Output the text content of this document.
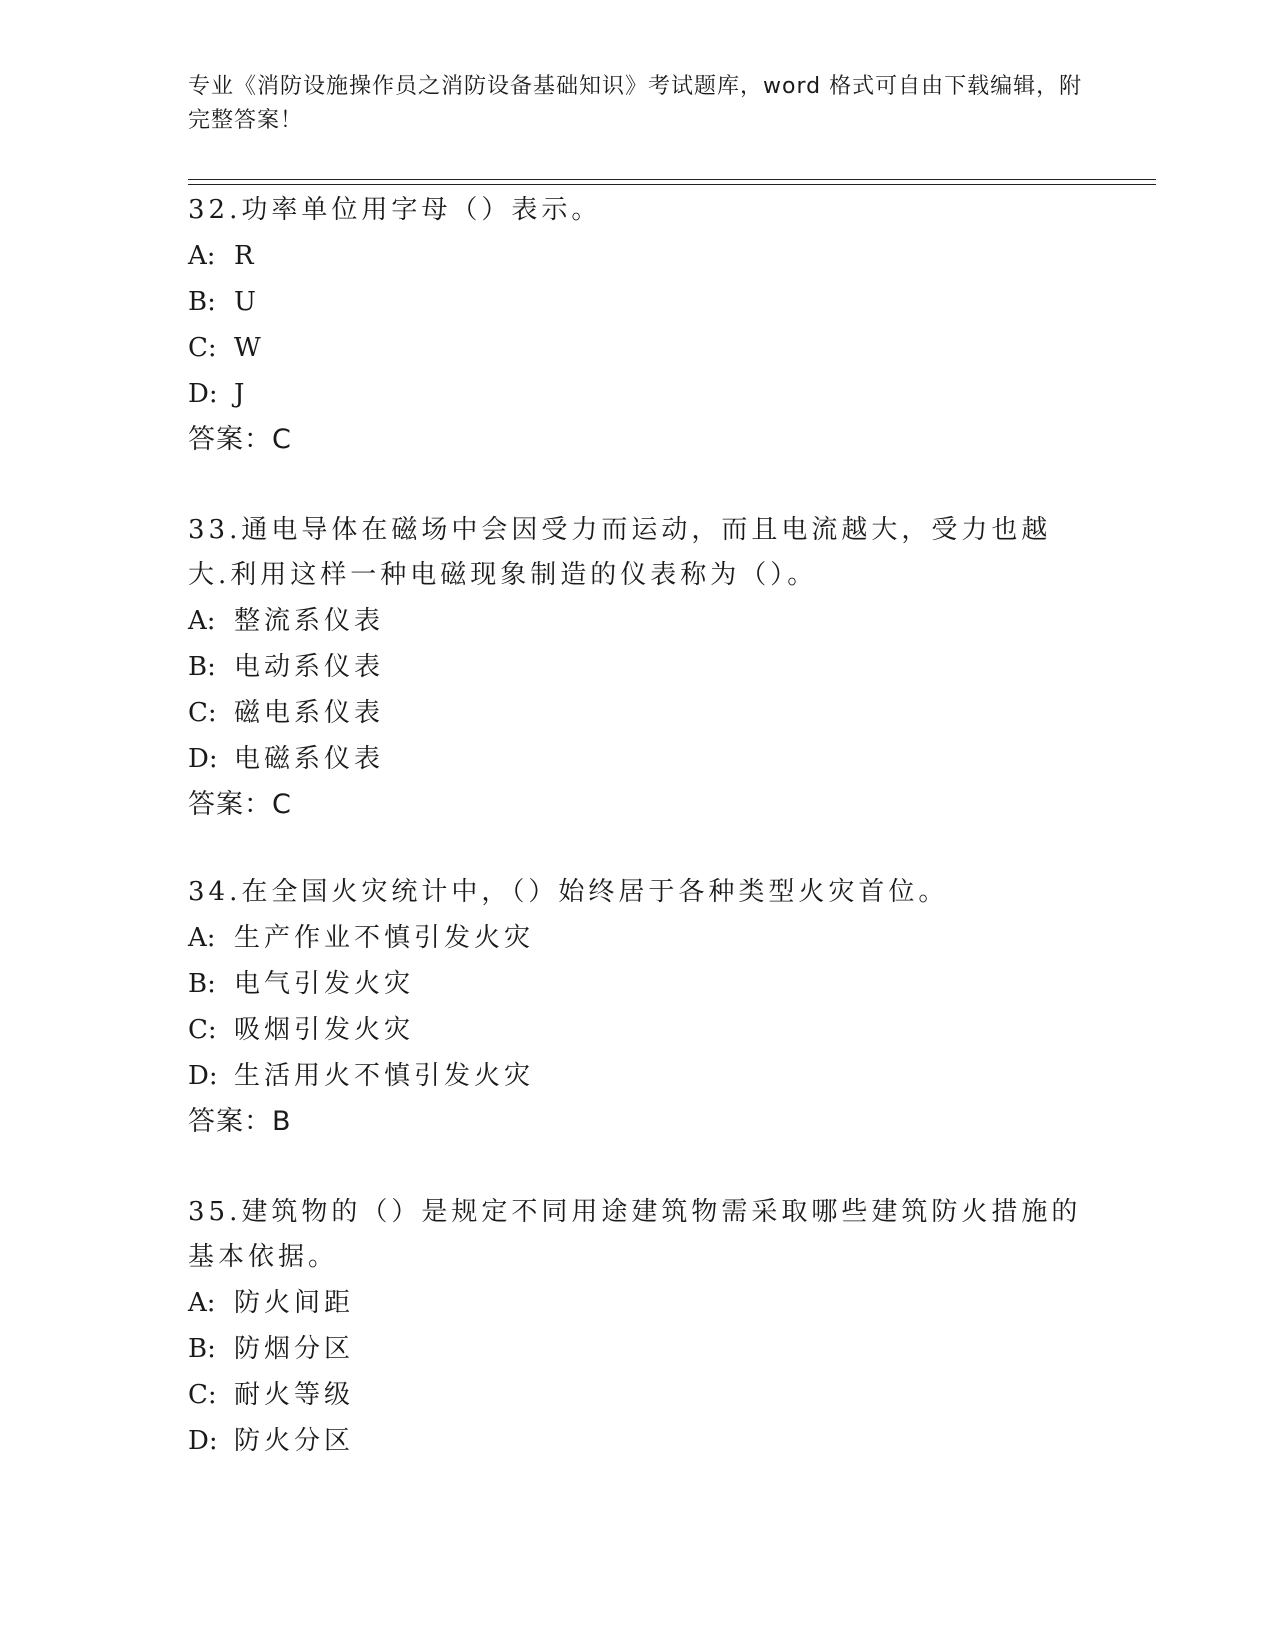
专业《消防设施操作员之消防设备基础知识》考试题库，word 格式可自由下载编辑，附完整答案！
32.功率单位用字母（）表示。
A: R
B: U
C: W
D: J
答案：C
33.通电导体在磁场中会因受力而运动，而且电流越大，受力也越大.利用这样一种电磁现象制造的仪表称为（）。
A: 整流系仪表
B: 电动系仪表
C: 磁电系仪表
D: 电磁系仪表
答案：C
34.在全国火灾统计中，（）始终居于各种类型火灾首位。
A: 生产作业不慎引发火灾
B: 电气引发火灾
C: 吸烟引发火灾
D: 生活用火不慎引发火灾
答案：B
35.建筑物的（）是规定不同用途建筑物需采取哪些建筑防火措施的基本依据。
A: 防火间距
B: 防烟分区
C: 耐火等级
D: 防火分区
